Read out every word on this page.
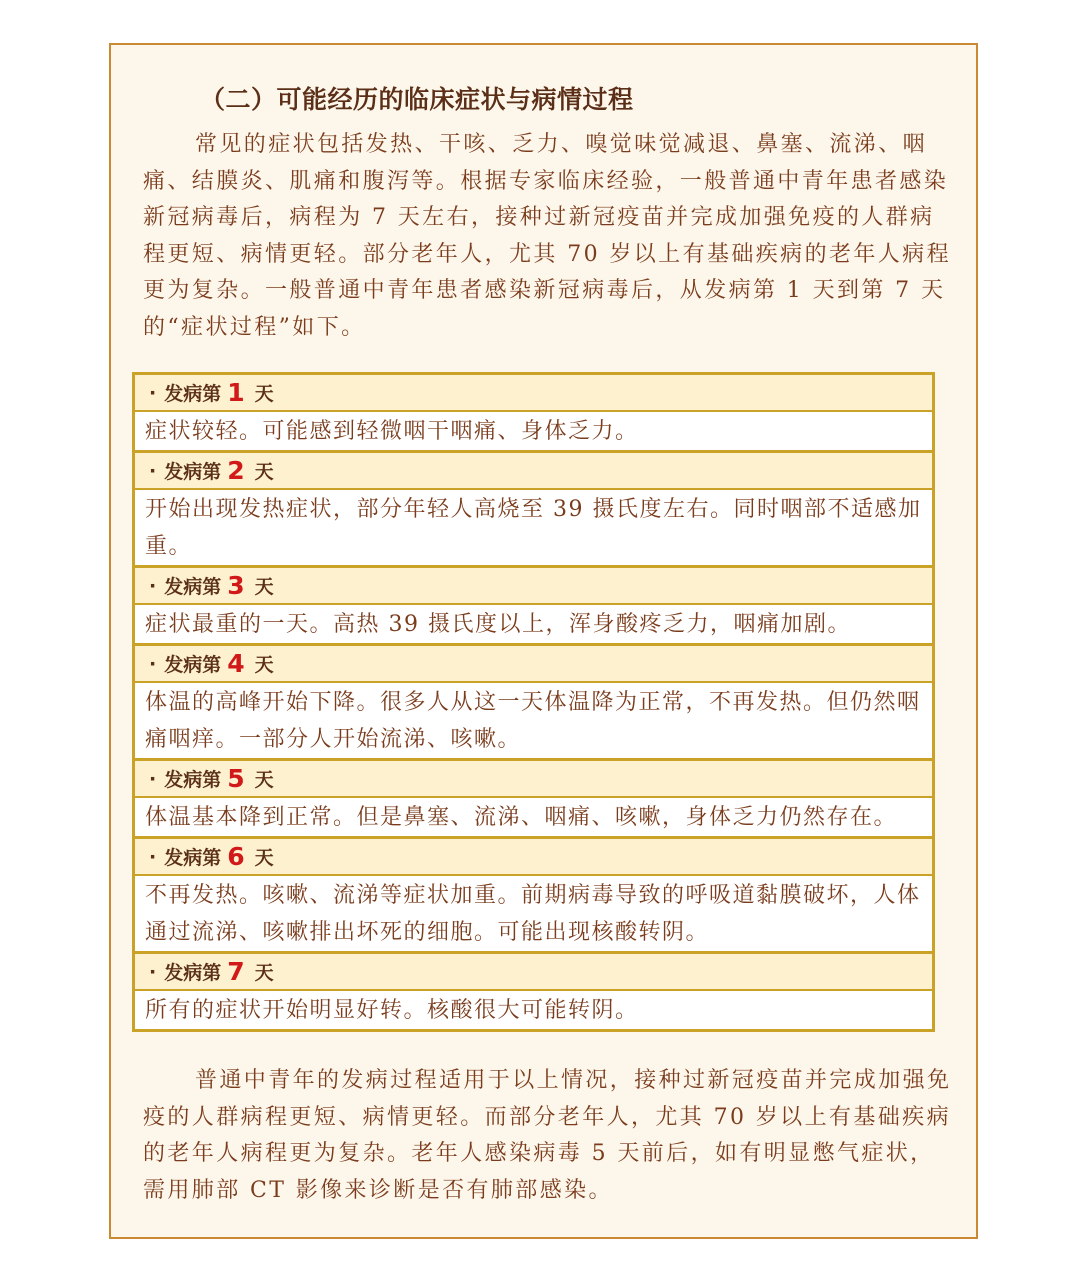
（二）可能经历的临床症状与病情过程

常见的症状包括发热、干咳、乏力、嗅觉味觉减退、鼻塞、流涕、咽痛、结膜炎、肌痛和腹泻等。根据专家临床经验，一般普通中青年患者感染新冠病毒后，病程为 7 天左右，接种过新冠疫苗并完成加强免疫的人群病程更短、病情更轻。部分老年人，尤其 70 岁以上有基础疾病的老年人病程更为复杂。一般普通中青年患者感染新冠病毒后，从发病第 1 天到第 7 天的“症状过程”如下。

· 发病第 1 天
症状较轻。可能感到轻微咽干咽痛、身体乏力。
· 发病第 2 天
开始出现发热症状，部分年轻人高烧至 39 摄氏度左右。同时咽部不适感加重。
· 发病第 3 天
症状最重的一天。高热 39 摄氏度以上，浑身酸疼乏力，咽痛加剧。
· 发病第 4 天
体温的高峰开始下降。很多人从这一天体温降为正常，不再发热。但仍然咽痛咽痒。一部分人开始流涕、咳嗽。
· 发病第 5 天
体温基本降到正常。但是鼻塞、流涕、咽痛、咳嗽，身体乏力仍然存在。
· 发病第 6 天
不再发热。咳嗽、流涕等症状加重。前期病毒导致的呼吸道黏膜破坏，人体通过流涕、咳嗽排出坏死的细胞。可能出现核酸转阴。
· 发病第 7 天
所有的症状开始明显好转。核酸很大可能转阴。

普通中青年的发病过程适用于以上情况，接种过新冠疫苗并完成加强免疫的人群病程更短、病情更轻。而部分老年人，尤其 70 岁以上有基础疾病的老年人病程更为复杂。老年人感染病毒 5 天前后，如有明显憋气症状，需用肺部 CT 影像来诊断是否有肺部感染。
